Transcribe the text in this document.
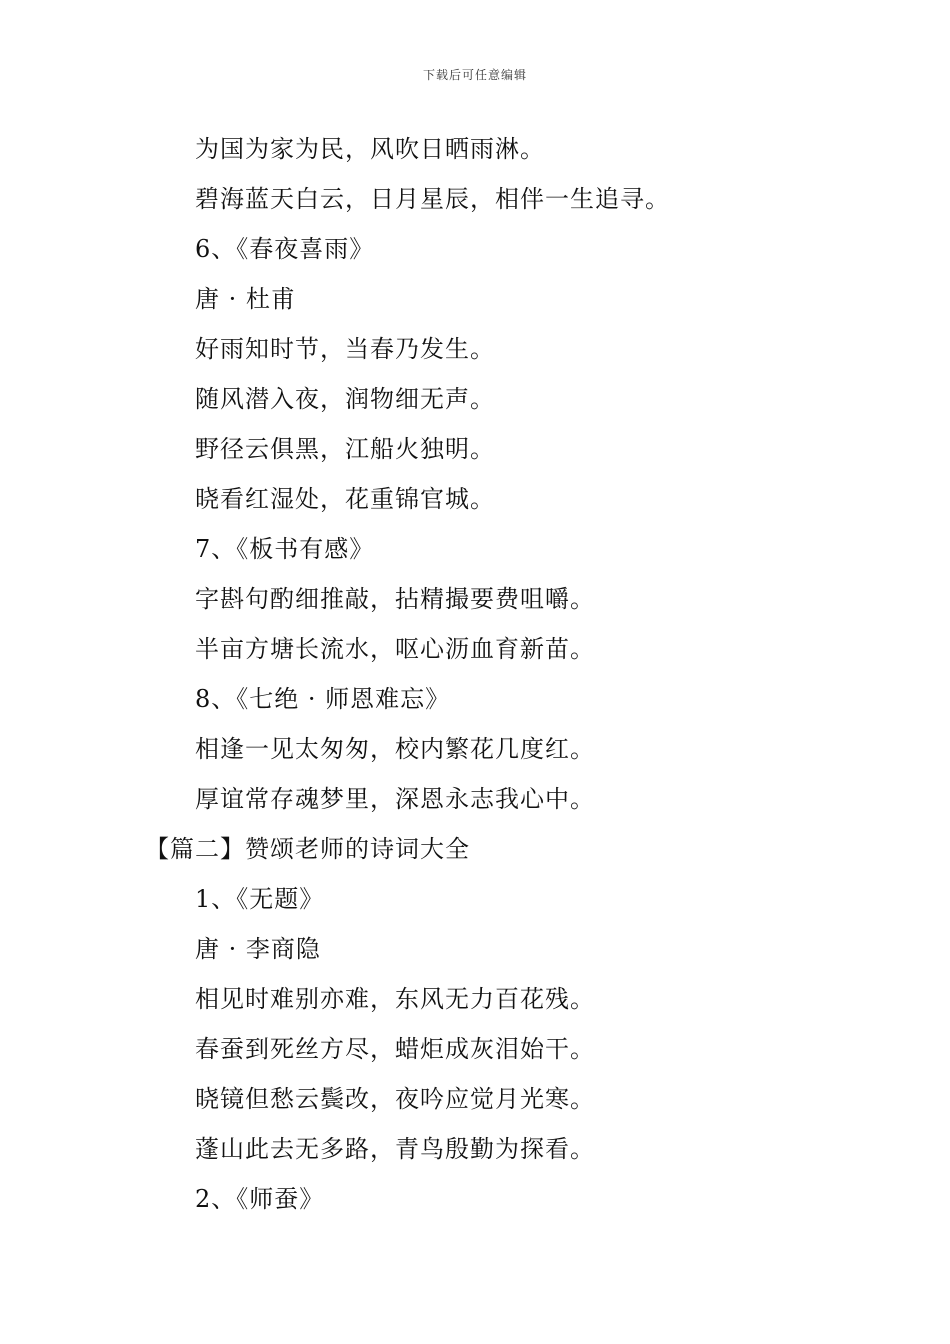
下载后可任意编辑
为国为家为民，风吹日晒雨淋。
碧海蓝天白云，日月星辰，相伴一生追寻。
6、《春夜喜雨》
唐 · 杜甫
好雨知时节，当春乃发生。
随风潜入夜，润物细无声。
野径云俱黑，江船火独明。
晓看红湿处，花重锦官城。
7、《板书有感》
字斟句酌细推敲，拈精撮要费咀嚼。
半亩方塘长流水，呕心沥血育新苗。
8、《七绝 · 师恩难忘》
相逢一见太匆匆，校内繁花几度红。
厚谊常存魂梦里，深恩永志我心中。
【篇二】赞颂老师的诗词大全
1、《无题》
唐 · 李商隐
相见时难别亦难，东风无力百花残。
春蚕到死丝方尽，蜡炬成灰泪始干。
晓镜但愁云鬓改，夜吟应觉月光寒。
蓬山此去无多路，青鸟殷勤为探看。
2、《师蚕》
